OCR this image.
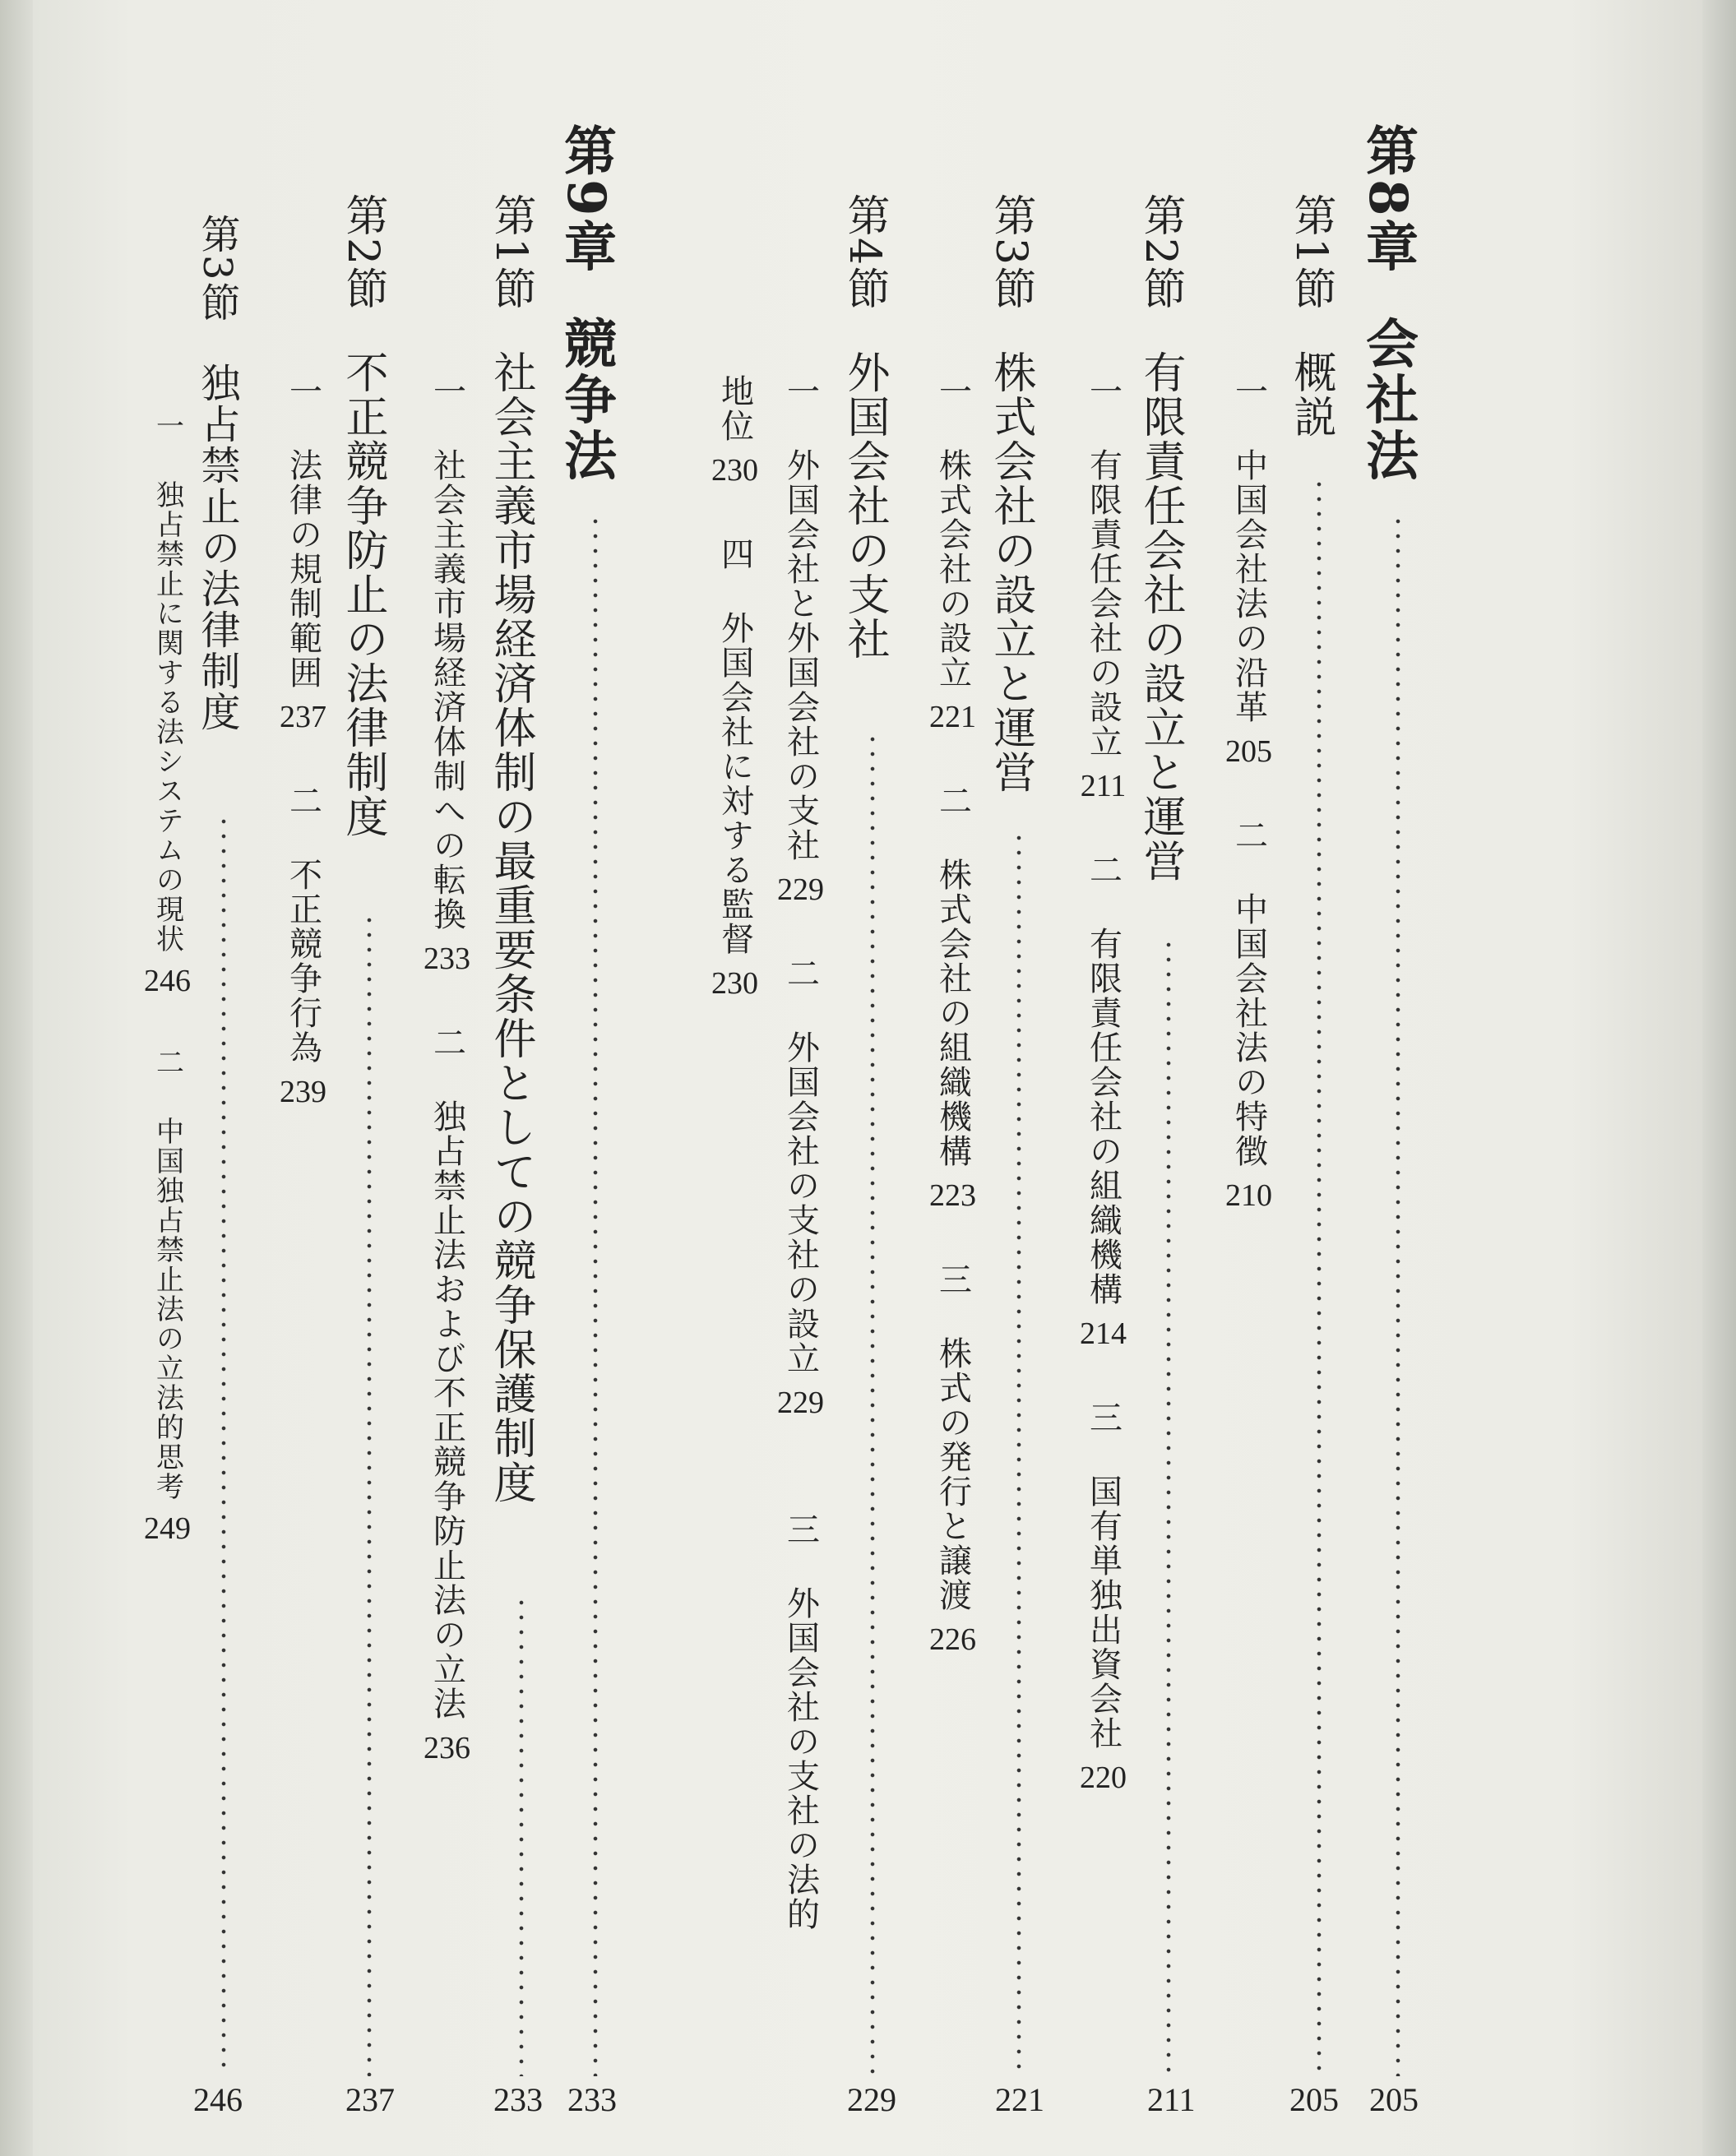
第8章会社法
205
第1節概説
205
一中国会社法の沿革205二中国会社法の特徴210
第2節有限責任会社の設立と運営
211
一有限責任会社の設立211二有限責任会社の組織機構214三国有単独出資会社220
第3節株式会社の設立と運営
221
一株式会社の設立221二株式会社の組織機構223三株式の発行と譲渡226
第4節外国会社の支社
229
一外国会社と外国会社の支社229二外国会社の支社の設立229三外国会社の支社の法的
地位230四外国会社に対する監督230
第9章競争法
233
第1節社会主義市場経済体制の最重要条件としての競争保護制度
233
一社会主義市場経済体制への転換233二独占禁止法および不正競争防止法の立法236
第2節不正競争防止の法律制度
237
一法律の規制範囲237二不正競争行為239
第3節独占禁止の法律制度
246
一独占禁止に関する法システムの現状246二中国独占禁止法の立法的思考249
